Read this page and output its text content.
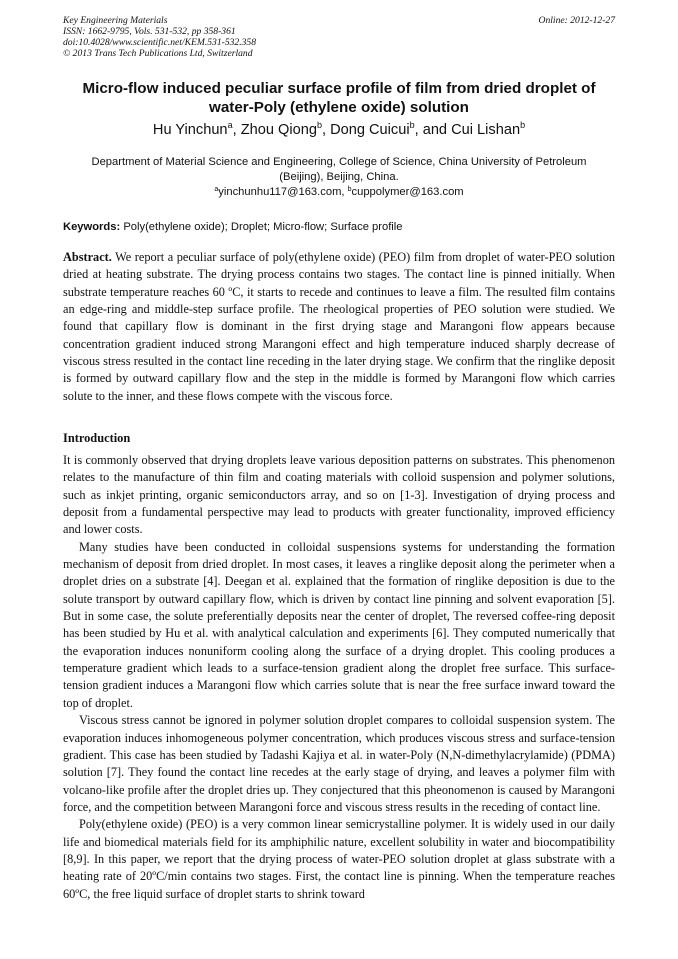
Key Engineering Materials	Online: 2012-12-27
ISSN: 1662-9795, Vols. 531-532, pp 358-361
doi:10.4028/www.scientific.net/KEM.531-532.358
© 2013 Trans Tech Publications Ltd, Switzerland
Micro-flow induced peculiar surface profile of film from dried droplet of
water-Poly (ethylene oxide) solution
Hu Yinchun$^a$, Zhou Qiong$^b$, Dong Cuicui$^b$, and Cui Lishan$^b$
Department of Material Science and Engineering, College of Science, China University of Petroleum
(Beijing), Beijing, China.
$^a$yinchunhu117@163.com, $^b$cuppolymer@163.com
Keywords: Poly(ethylene oxide); Droplet; Micro-flow; Surface profile

Abstract. We report a peculiar surface of poly(ethylene oxide) (PEO) film from droplet of water-PEO solution dried at heating substrate. The drying process contains two stages. The contact line is pinned initially. When substrate temperature reaches 60 ºC, it starts to recede and continues to leave a film. The resulted film contains an edge-ring and middle-step surface profile. The rheological properties of PEO solution were studied. We found that capillary flow is dominant in the first drying stage and Marangoni flow appears because concentration gradient induced strong Marangoni effect and high temperature induced sharply decrease of viscous stress resulted in the contact line receding in the later drying stage. We confirm that the ringlike deposit is formed by outward capillary flow and the step in the middle is formed by Marangoni flow which carries solute to the inner, and these flows compete with the viscous force.

Introduction

It is commonly observed that drying droplets leave various deposition patterns on substrates. This phenomenon relates to the manufacture of thin film and coating materials with colloid suspension and polymer solutions, such as inkjet printing, organic semiconductors array, and so on [1-3]. Investigation of drying process and deposit from a fundamental perspective may lead to products with greater functionality, improved efficiency and lower costs.

Many studies have been conducted in colloidal suspensions systems for understanding the formation mechanism of deposit from dried droplet. In most cases, it leaves a ringlike deposit along the perimeter when a droplet dries on a substrate [4]. Deegan et al. explained that the formation of ringlike deposition is due to the solute transport by outward capillary flow, which is driven by contact line pinning and solvent evaporation [5]. But in some case, the solute preferentially deposits near the center of droplet, The reversed coffee-ring deposit has been studied by Hu et al. with analytical calculation and experiments [6]. They computed numerically that the evaporation induces nonuniform cooling along the surface of a drying droplet. This cooling produces a temperature gradient which leads to a surface-tension gradient along the droplet free surface. This surface-tension gradient induces a Marangoni flow which carries solute that is near the free surface inward toward the top of droplet.

Viscous stress cannot be ignored in polymer solution droplet compares to colloidal suspension system. The evaporation induces inhomogeneous polymer concentration, which produces viscous stress and surface-tension gradient. This case has been studied by Tadashi Kajiya et al. in water-Poly (N,N-dimethylacrylamide) (PDMA) solution [7]. They found the contact line recedes at the early stage of drying, and leaves a polymer film with volcano-like profile after the droplet dries up. They conjectured that this pheonomenon is caused by Marangoni force, and the competition between Marangoni force and viscous stress results in the receding of contact line.

Poly(ethylene oxide) (PEO) is a very common linear semicrystalline polymer. It is widely used in our daily life and biomedical materials field for its amphiphilic nature, excellent solubility in water and biocompatibility [8,9]. In this paper, we report that the drying process of water-PEO solution droplet at glass substrate with a heating rate of 20ºC/min contains two stages. First, the contact line is pinning. When the temperature reaches 60ºC, the free liquid surface of droplet starts to shrink toward
